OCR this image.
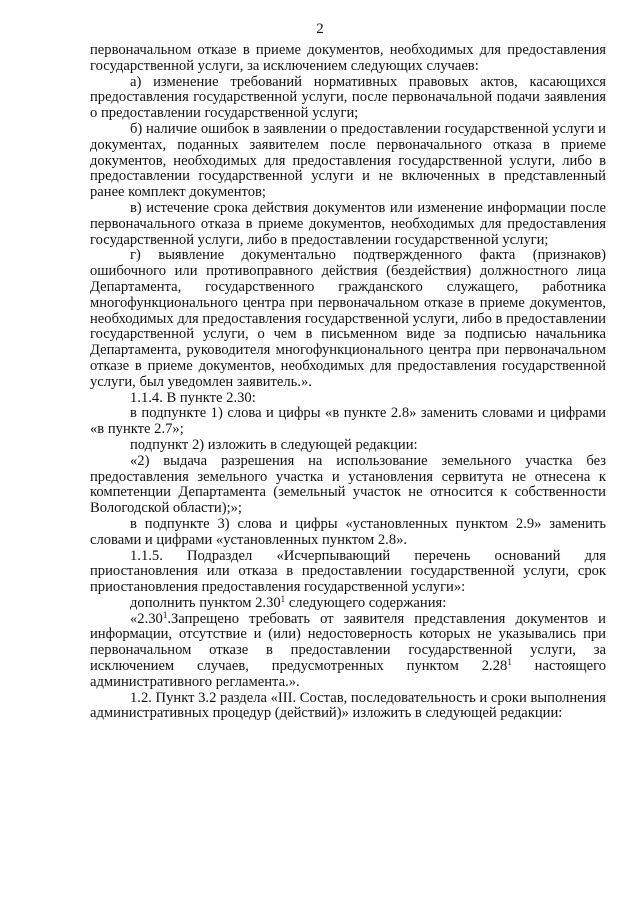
2

первоначальном отказе в приеме документов, необходимых для предоставления государственной услуги, за исключением следующих случаев:

а) изменение требований нормативных правовых актов, касающихся предоставления государственной услуги, после первоначальной подачи заявления о предоставлении государственной услуги;

б) наличие ошибок в заявлении о предоставлении государственной услуги и документах, поданных заявителем после первоначального отказа в приеме документов, необходимых для предоставления государственной услуги, либо в предоставлении государственной услуги и не включенных в представленный ранее комплект документов;

в) истечение срока действия документов или изменение информации после первоначального отказа в приеме документов, необходимых для предоставления государственной услуги, либо в предоставлении государственной услуги;

г) выявление документально подтвержденного факта (признаков) ошибочного или противоправного действия (бездействия) должностного лица Департамента, государственного гражданского служащего, работника многофункционального центра при первоначальном отказе в приеме документов, необходимых для предоставления государственной услуги, либо в предоставлении государственной услуги, о чем в письменном виде за подписью начальника Департамента, руководителя многофункционального центра при первоначальном отказе в приеме документов, необходимых для предоставления государственной услуги, был уведомлен заявитель.».

1.1.4. В пункте 2.30:

в подпункте 1) слова и цифры «в пункте 2.8» заменить словами и цифрами «в пункте 2.7»;

подпункт 2) изложить в следующей редакции:

«2) выдача разрешения на использование земельного участка без предоставления земельного участка и установления сервитута не отнесена к компетенции Департамента (земельный участок не относится к собственности Вологодской области);»;

в подпункте 3) слова и цифры «установленных пунктом 2.9» заменить словами и цифрами «установленных пунктом 2.8».

1.1.5. Подраздел «Исчерпывающий перечень оснований для приостановления или отказа в предоставлении государственной услуги, срок приостановления предоставления государственной услуги»:

дополнить пунктом 2.30$^1$ следующего содержания:

«2.30$^1$.Запрещено требовать от заявителя представления документов и информации, отсутствие и (или) недостоверность которых не указывались при первоначальном отказе в предоставлении государственной услуги, за исключением случаев, предусмотренных пунктом 2.28$^1$ настоящего административного регламента.».

1.2. Пункт 3.2 раздела «III. Состав, последовательность и сроки выполнения административных процедур (действий)» изложить в следующей редакции:
